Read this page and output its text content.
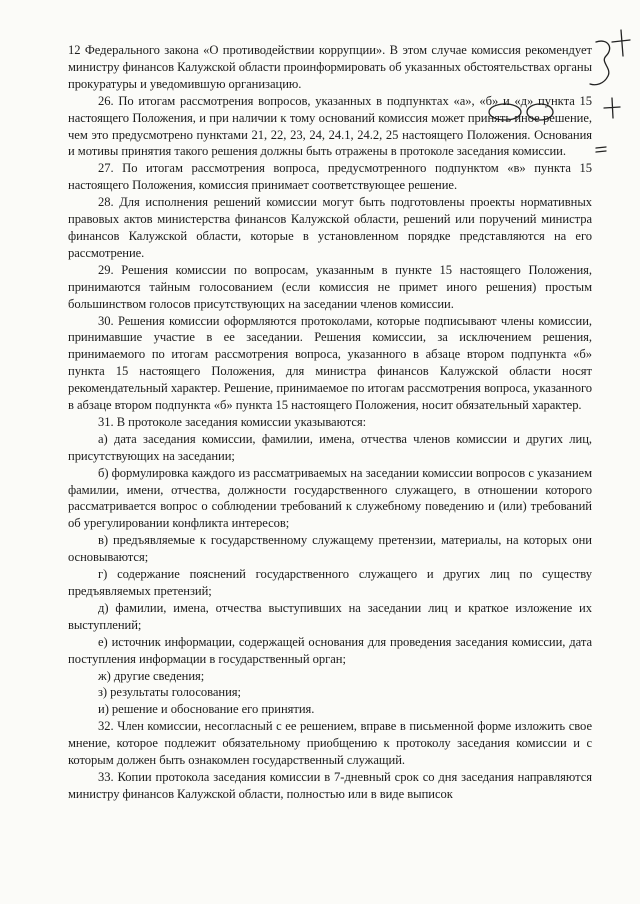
12 Федерального закона «О противодействии коррупции». В этом случае комиссия рекомендует министру финансов Калужской области проинформировать об указанных обстоятельствах органы прокуратуры и уведомившую организацию.

26. По итогам рассмотрения вопросов, указанных в подпунктах «а», «б» и «д» пункта 15 настоящего Положения, и при наличии к тому оснований комиссия может принять иное решение, чем это предусмотрено пунктами 21, 22, 23, 24, 24.1, 24.2, 25 настоящего Положения. Основания и мотивы принятия такого решения должны быть отражены в протоколе заседания комиссии.

27. По итогам рассмотрения вопроса, предусмотренного подпунктом «в» пункта 15 настоящего Положения, комиссия принимает соответствующее решение.

28. Для исполнения решений комиссии могут быть подготовлены проекты нормативных правовых актов министерства финансов Калужской области, решений или поручений министра финансов Калужской области, которые в установленном порядке представляются на его рассмотрение.

29. Решения комиссии по вопросам, указанным в пункте 15 настоящего Положения, принимаются тайным голосованием (если комиссия не примет иного решения) простым большинством голосов присутствующих на заседании членов комиссии.

30. Решения комиссии оформляются протоколами, которые подписывают члены комиссии, принимавшие участие в ее заседании. Решения комиссии, за исключением решения, принимаемого по итогам рассмотрения вопроса, указанного в абзаце втором подпункта «б» пункта 15 настоящего Положения, для министра финансов Калужской области носят рекомендательный характер. Решение, принимаемое по итогам рассмотрения вопроса, указанного в абзаце втором подпункта «б» пункта 15 настоящего Положения, носит обязательный характер.

31. В протоколе заседания комиссии указываются:

а) дата заседания комиссии, фамилии, имена, отчества членов комиссии и других лиц, присутствующих на заседании;

б) формулировка каждого из рассматриваемых на заседании комиссии вопросов с указанием фамилии, имени, отчества, должности государственного служащего, в отношении которого рассматривается вопрос о соблюдении требований к служебному поведению и (или) требований об урегулировании конфликта интересов;

в) предъявляемые к государственному служащему претензии, материалы, на которых они основываются;

г) содержание пояснений государственного служащего и других лиц по существу предъявляемых претензий;

д) фамилии, имена, отчества выступивших на заседании лиц и краткое изложение их выступлений;

е) источник информации, содержащей основания для проведения заседания комиссии, дата поступления информации в государственный орган;

ж) другие сведения;

з) результаты голосования;

и) решение и обоснование его принятия.

32. Член комиссии, несогласный с ее решением, вправе в письменной форме изложить свое мнение, которое подлежит обязательному приобщению к протоколу заседания комиссии и с которым должен быть ознакомлен государственный служащий.

33. Копии протокола заседания комиссии в 7-дневный срок со дня заседания направляются министру финансов Калужской области, полностью или в виде выписок
